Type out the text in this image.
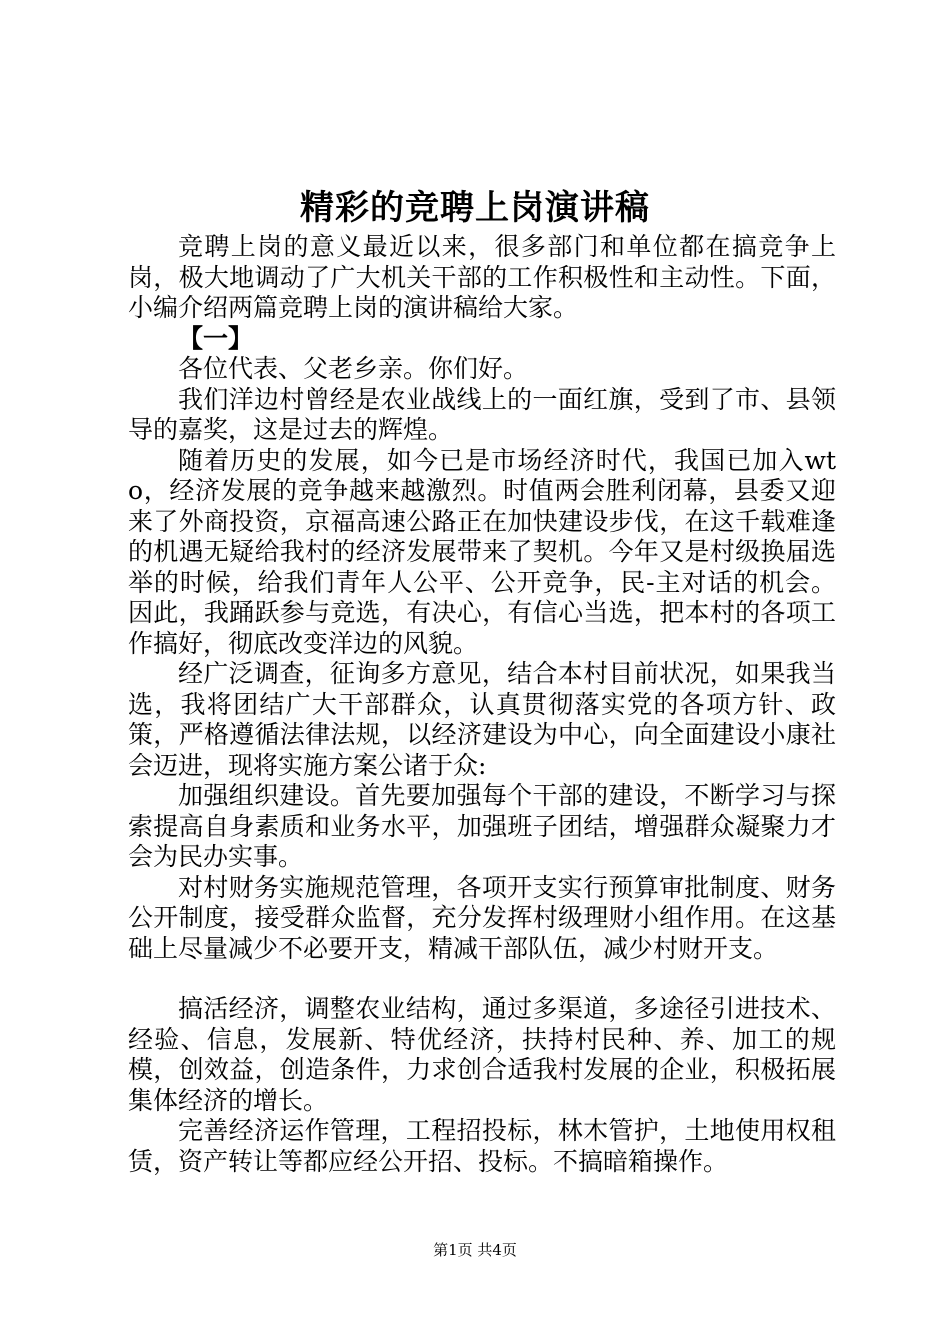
精彩的竞聘上岗演讲稿

竞聘上岗的意义最近以来，很多部门和单位都在搞竞争上岗，极大地调动了广大机关干部的工作积极性和主动性。下面，小编介绍两篇竞聘上岗的演讲稿给大家。

【一】

各位代表、父老乡亲。你们好。

我们洋边村曾经是农业战线上的一面红旗，受到了市、县领导的嘉奖，这是过去的辉煌。

随着历史的发展，如今已是市场经济时代，我国已加入wto，经济发展的竞争越来越激烈。时值两会胜利闭幕，县委又迎来了外商投资，京福高速公路正在加快建设步伐，在这千载难逢的机遇无疑给我村的经济发展带来了契机。今年又是村级换届选举的时候，给我们青年人公平、公开竞争，民-主对话的机会。因此，我踊跃参与竞选，有决心，有信心当选，把本村的各项工作搞好，彻底改变洋边的风貌。

经广泛调查，征询多方意见，结合本村目前状况，如果我当选，我将团结广大干部群众，认真贯彻落实党的各项方针、政策，严格遵循法律法规，以经济建设为中心，向全面建设小康社会迈进，现将实施方案公诸于众:

加强组织建设。首先要加强每个干部的建设，不断学习与探索提高自身素质和业务水平，加强班子团结，增强群众凝聚力才会为民办实事。

对村财务实施规范管理，各项开支实行预算审批制度、财务公开制度，接受群众监督，充分发挥村级理财小组作用。在这基础上尽量减少不必要开支，精减干部队伍，减少村财开支。

搞活经济，调整农业结构，通过多渠道，多途径引进技术、经验、信息，发展新、特优经济，扶持村民种、养、加工的规模，创效益，创造条件，力求创合适我村发展的企业，积极拓展集体经济的增长。

完善经济运作管理，工程招投标，林木管护，土地使用权租赁，资产转让等都应经公开招、投标。不搞暗箱操作。

第1页 共4页
